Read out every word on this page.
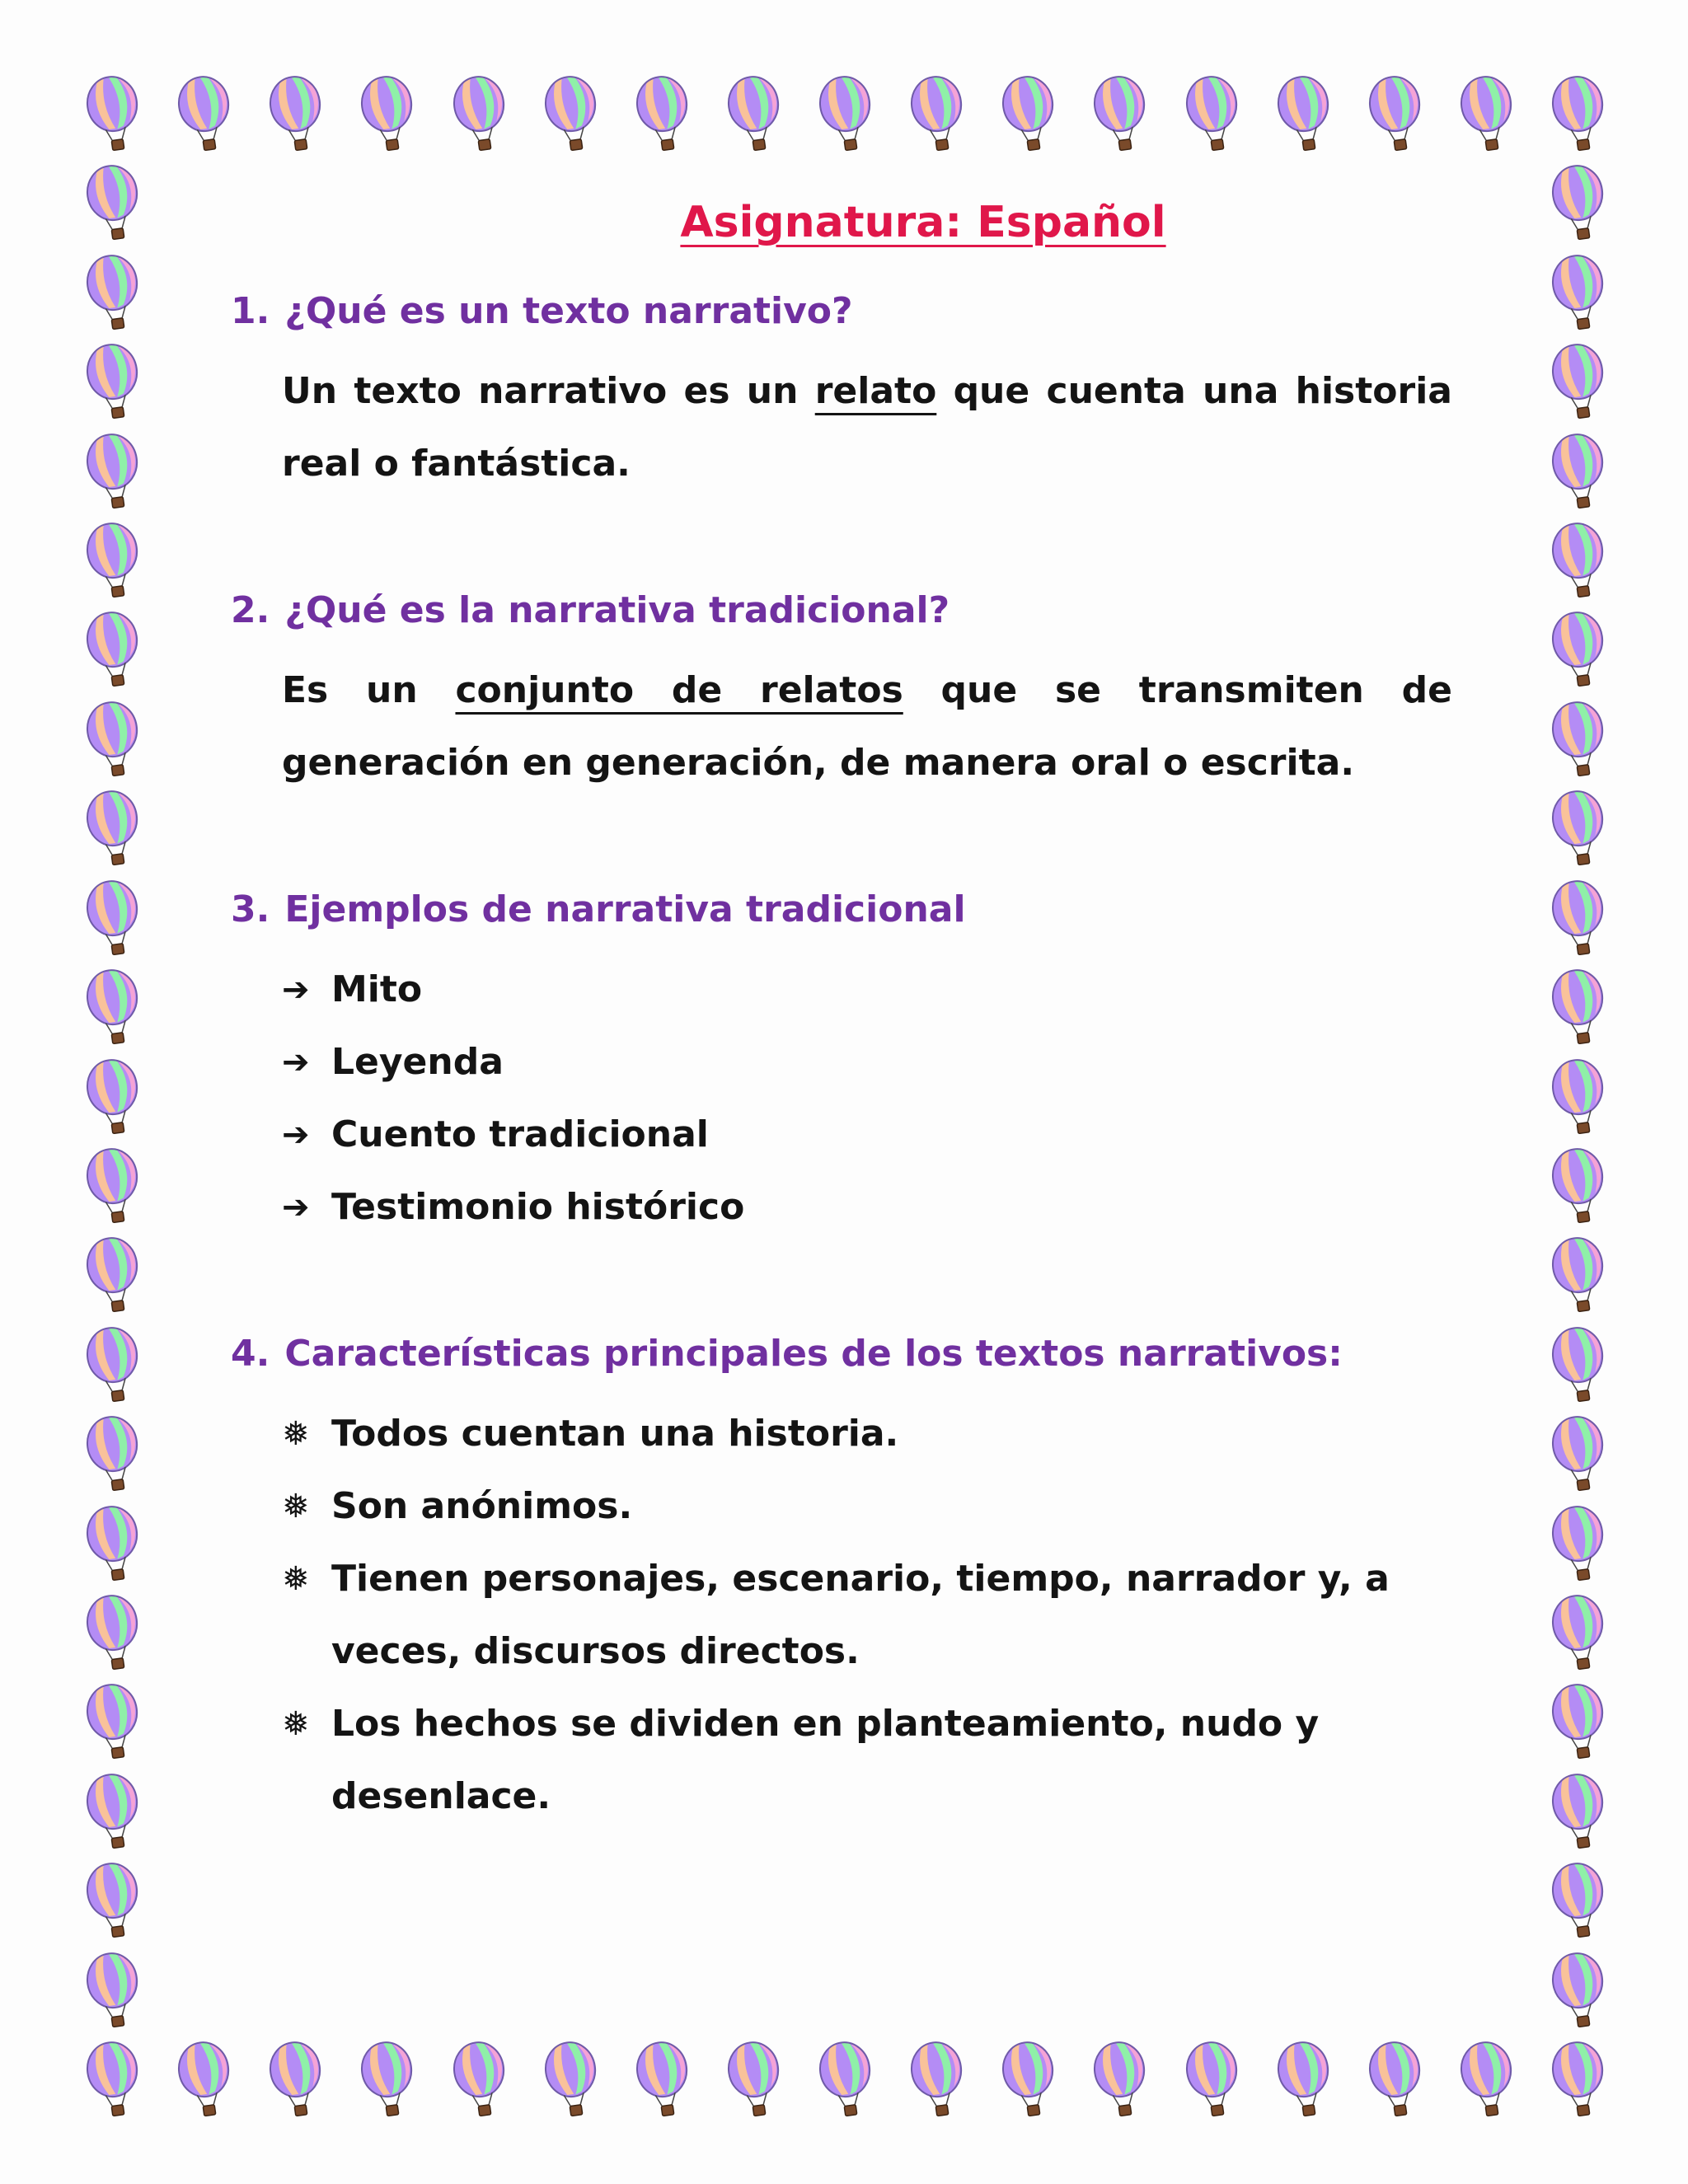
Asignatura: Español
1. ¿Qué es un texto narrativo?

Un texto narrativo es un relato que cuenta una historia real o fantástica.

2. ¿Qué es la narrativa tradicional?

Es un conjunto de relatos que se transmiten de generación en generación, de manera oral o escrita.

3. Ejemplos de narrativa tradicional
➔ Mito
➔ Leyenda
➔ Cuento tradicional
➔ Testimonio histórico
4. Características principales de los textos narrativos:
❅ Todos cuentan una historia.
❅ Son anónimos.
❅ Tienen personajes, escenario, tiempo, narrador y, a veces, discursos directos.
❅ Los hechos se dividen en planteamiento, nudo y desenlace.
